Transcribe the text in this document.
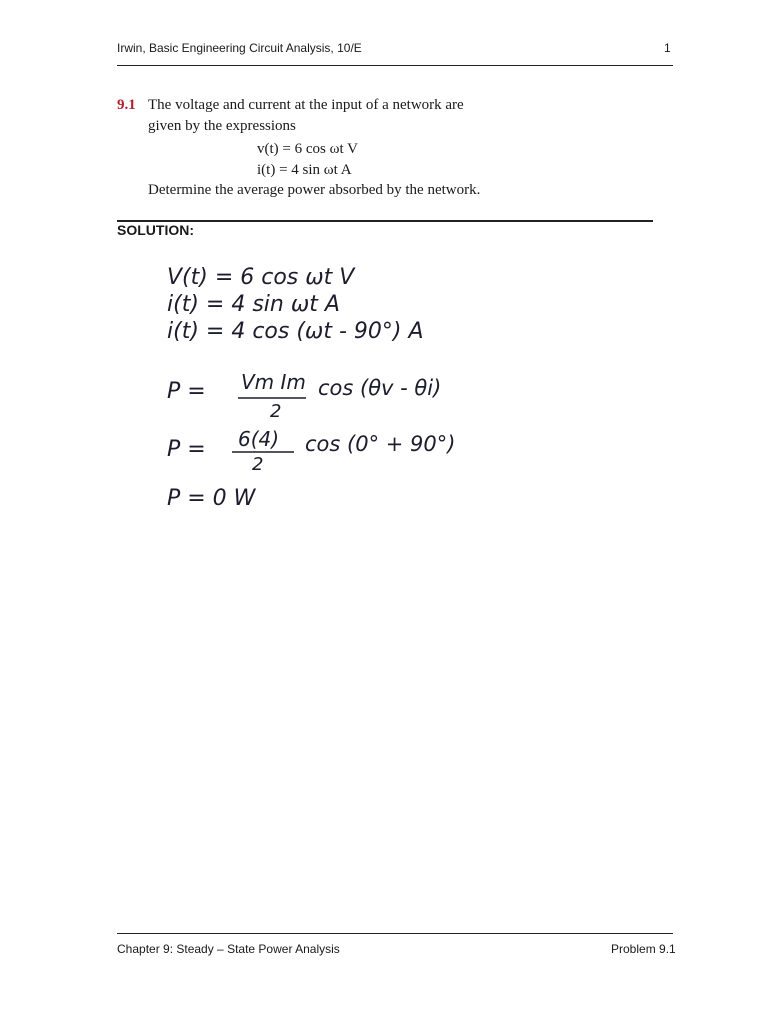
Irwin, Basic Engineering Circuit Analysis, 10/E	1
9.1 The voltage and current at the input of a network are
given by the expressions
v(t) = 6 cos ωt V
i(t) = 4 sin ωt A
Determine the average power absorbed by the network.
SOLUTION:
V(t) = 6 cos ωt V
i(t) = 4 sin ωt A
i(t) = 4 cos (ωt - 90°) A
P = Vm Im
2
cos (θv - θi)
P = 6(4)
2
cos (0° + 90°)
P = 0 W
Chapter 9: Steady – State Power Analysis	Problem 9.1
